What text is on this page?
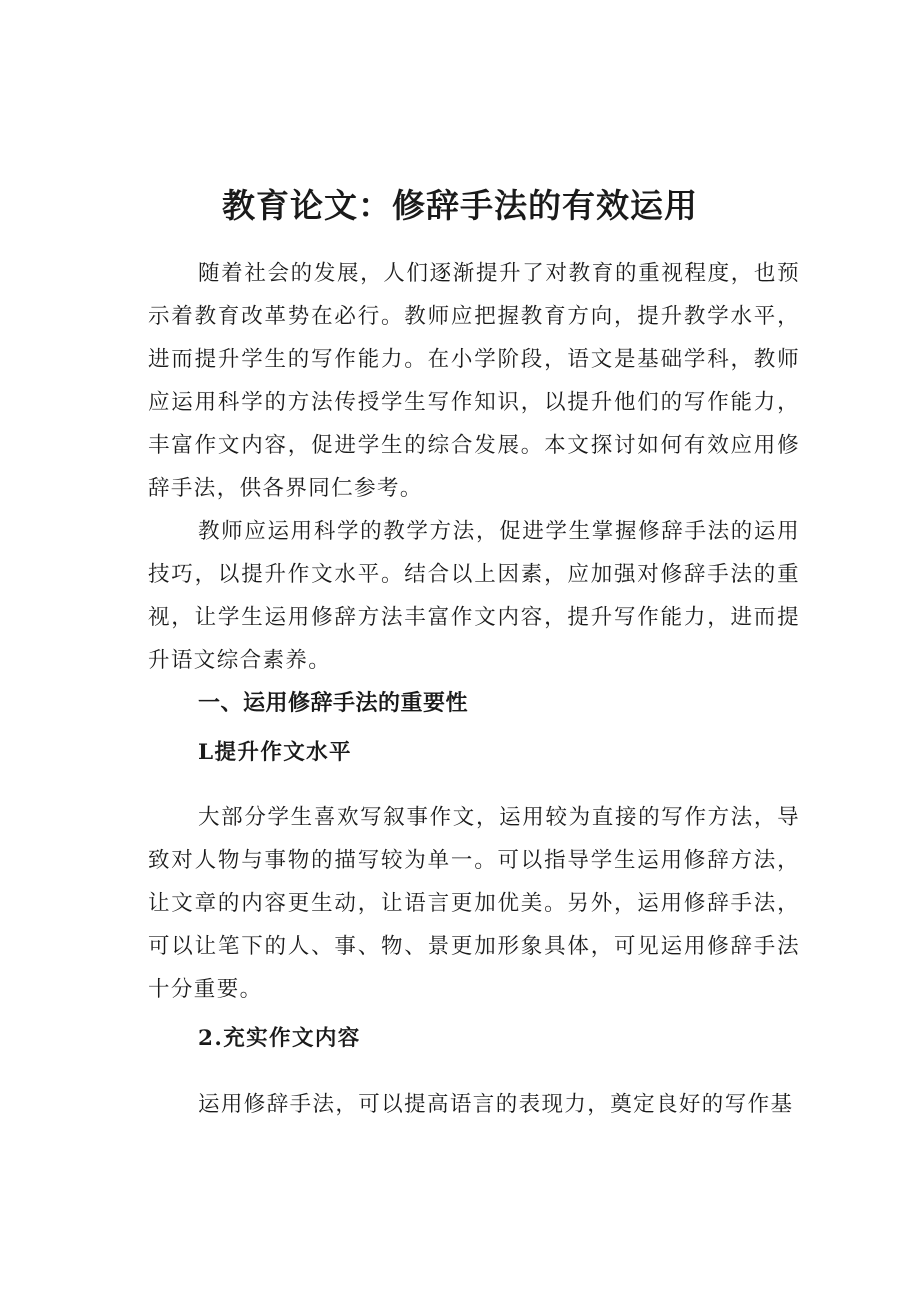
教育论文：修辞手法的有效运用

随着社会的发展，人们逐渐提升了对教育的重视程度，也预示着教育改革势在必行。教师应把握教育方向，提升教学水平，进而提升学生的写作能力。在小学阶段，语文是基础学科，教师应运用科学的方法传授学生写作知识，以提升他们的写作能力，丰富作文内容，促进学生的综合发展。本文探讨如何有效应用修辞手法，供各界同仁参考。

教师应运用科学的教学方法，促进学生掌握修辞手法的运用技巧，以提升作文水平。结合以上因素，应加强对修辞手法的重视，让学生运用修辞方法丰富作文内容，提升写作能力，进而提升语文综合素养。

一、运用修辞手法的重要性
L提升作文水平

大部分学生喜欢写叙事作文，运用较为直接的写作方法，导致对人物与事物的描写较为单一。可以指导学生运用修辞方法，让文章的内容更生动，让语言更加优美。另外，运用修辞手法，可以让笔下的人、事、物、景更加形象具体，可见运用修辞手法十分重要。

2.充实作文内容

运用修辞手法，可以提高语言的表现力，奠定良好的写作基
